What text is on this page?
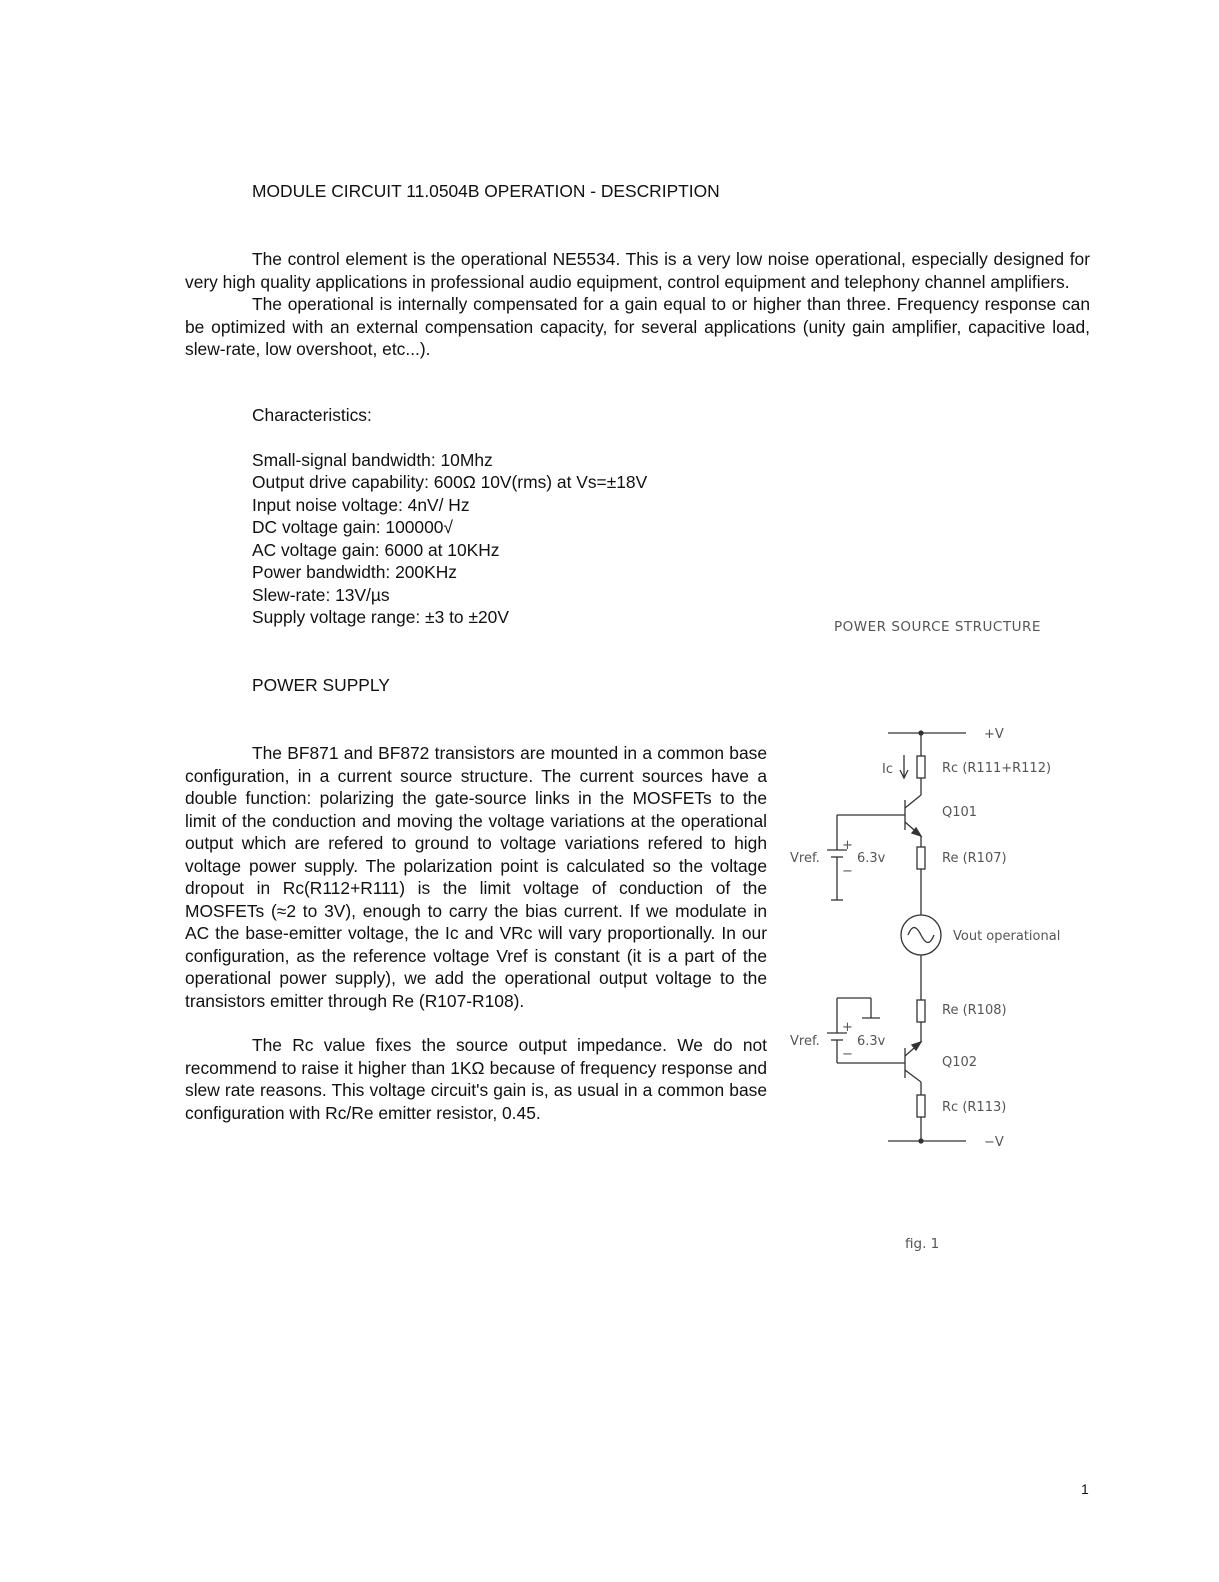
MODULE CIRCUIT 11.0504B OPERATION - DESCRIPTION

The control element is the operational NE5534. This is a very low noise operational, especially designed for very high quality applications in professional audio equipment, control equipment and telephony channel amplifiers.

The operational is internally compensated for a gain equal to or higher than three. Frequency response can be optimized with an external compensation capacity, for several applications (unity gain amplifier, capacitive load, slew-rate, low overshoot, etc...).

Characteristics:
Small-signal bandwidth: 10Mhz
Output drive capability: 600Ω 10V(rms) at Vs=±18V
Input noise voltage: 4nV/ Hz
DC voltage gain: 100000√
AC voltage gain: 6000 at 10KHz
Power bandwidth: 200KHz
Slew-rate: 13V/µs
Supply voltage range: ±3 to ±20V
POWER SUPPLY

The BF871 and BF872 transistors are mounted in a common base configuration, in a current source structure. The current sources have a double function: polarizing the gate-source links in the MOSFETs to the limit of the conduction and moving the voltage variations at the operational output which are refered to ground to voltage variations refered to high voltage power supply. The polarization point is calculated so the voltage dropout in Rc(R112+R111) is the limit voltage of conduction of the MOSFETs (≈2 to 3V), enough to carry the bias current. If we modulate in AC the base-emitter voltage, the Ic and VRc will vary proportionally. In our configuration, as the reference voltage Vref is constant (it is a part of the operational power supply), we add the operational output voltage to the transistors emitter through Re (R107-R108).

The Rc value fixes the source output impedance. We do not recommend to raise it higher than 1KΩ because of frequency response and slew rate reasons. This voltage circuit's gain is, as usual in a common base configuration with Rc/Re emitter resistor, 0.45.

POWER SOURCE STRUCTURE
+V
Ic	Rc (R111+R112)
Q101
+
Vref.	6.3v	Re (R107)
−
Vout operational
Re (R108)
+
Vref.	6.3v
−
Q102
Rc (R113)
−V
fig. 1
1
